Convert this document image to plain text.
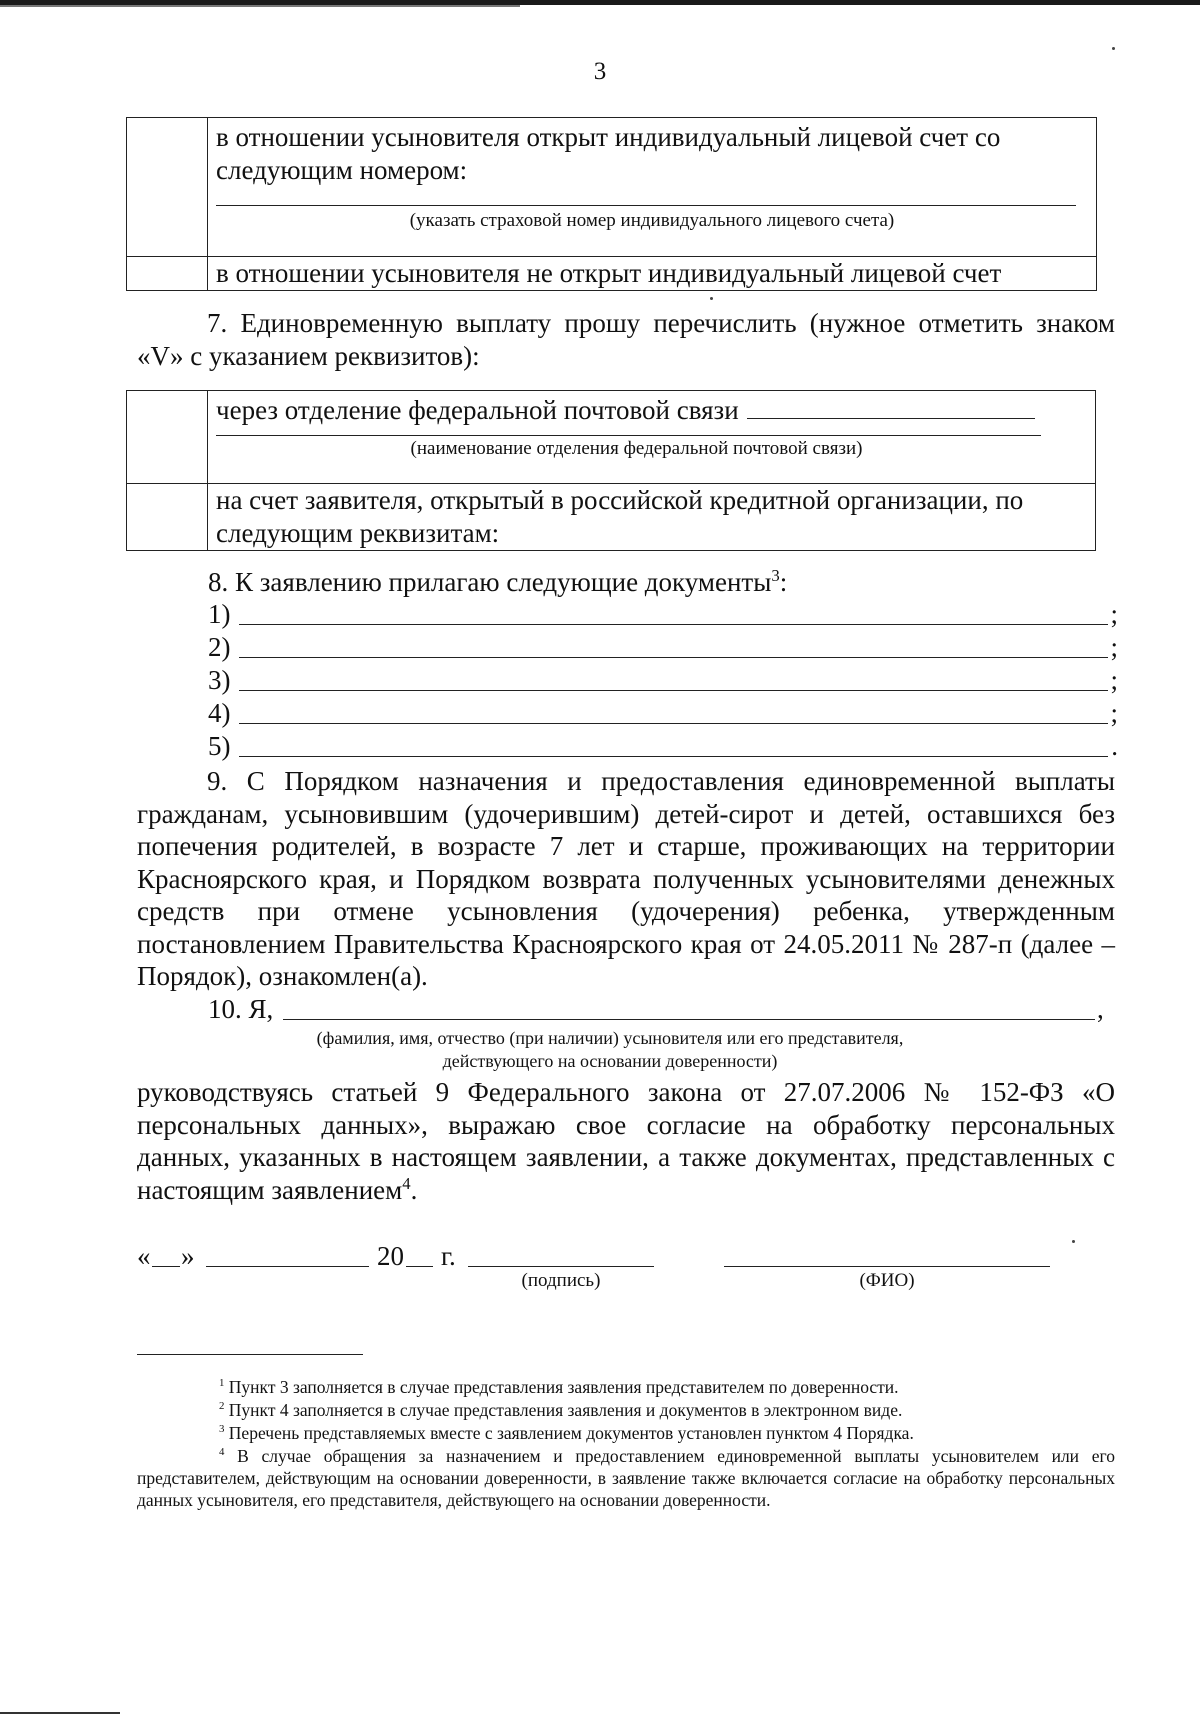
3

	в отношении усыновителя открыт индивидуальный лицевой счет со следующим номером:
(указать страховой номер индивидуального лицевого счета)

	в отношении усыновителя не открыт индивидуальный лицевой счет
7. Единовременную выплату прошу перечислить (нужное отметить знаком «V» с указанием реквизитов):

	через отделение федеральной почтовой связи
(наименование отделения федеральной почтовой связи)

	на счет заявителя, открытый в российской кредитной организации, по следующим реквизитам:
8. К заявлению прилагаю следующие документы$^3$:
1)	;
2)	;
3)	;
4)	;
5)	.
9. С Порядком назначения и предоставления единовременной выплаты гражданам, усыновившим (удочерившим) детей-сирот и детей, оставшихся без попечения родителей, в возрасте 7 лет и старше, проживающих на территории Красноярского края, и Порядком возврата полученных усыновителями денежных средств при отмене усыновления (удочерения) ребенка, утвержденным постановлением Правительства Красноярского края от 24.05.2011 № 287-п (далее – Порядок), ознакомлен(а).
10. Я,	,
(фамилия, имя, отчество (при наличии) усыновителя или его представителя,
действующего на основании доверенности)
руководствуясь статьей 9 Федерального закона от 27.07.2006 № 152-ФЗ «О персональных данных», выражаю свое согласие на обработку персональных данных, указанных в настоящем заявлении, а также документах, представленных с настоящим заявлением$^4$.
« »	20 г.
(подпись)	(ФИО)
$^1$ Пункт 3 заполняется в случае представления заявления представителем по доверенности.
$^2$ Пункт 4 заполняется в случае представления заявления и документов в электронном виде.
$^3$ Перечень представляемых вместе с заявлением документов установлен пунктом 4 Порядка.
$^4$ В случае обращения за назначением и предоставлением единовременной выплаты усыновителем или его представителем, действующим на основании доверенности, в заявление также включается согласие на обработку персональных данных усыновителя, его представителя, действующего на основании доверенности.
